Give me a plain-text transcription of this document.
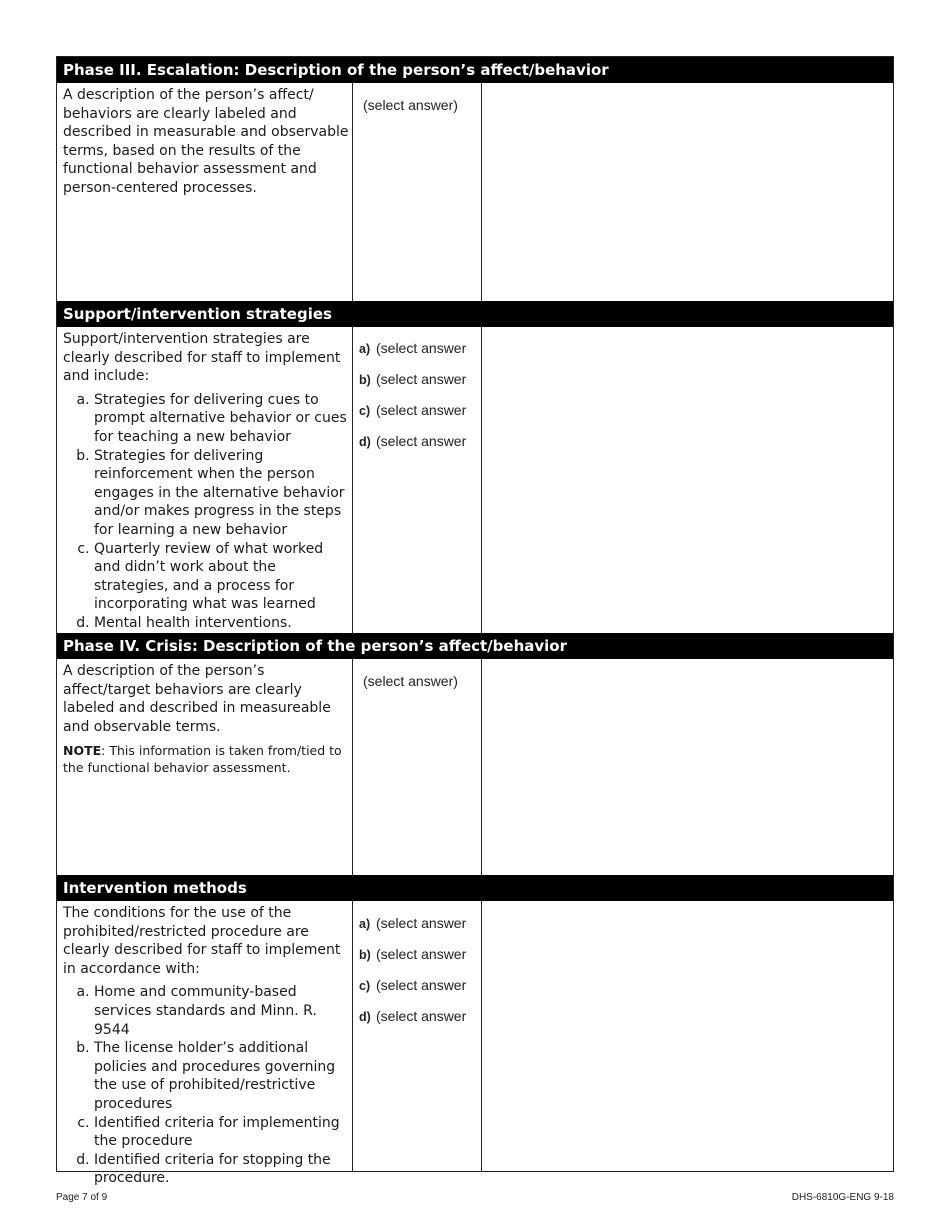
Phase III. Escalation: Description of the person’s affect/behavior

A description of the person’s affect/ behaviors are clearly labeled and described in measurable and observable terms, based on the results of the functional behavior assessment and person-centered processes.

(select answer)
Support/intervention strategies

Support/intervention strategies are clearly described for staff to implement and include:

a. Strategies for delivering cues to prompt alternative behavior or cues for teaching a new behavior
b. Strategies for delivering reinforcement when the person engages in the alternative behavior and/or makes progress in the steps for learning a new behavior
c. Quarterly review of what worked and didn’t work about the strategies, and a process for incorporating what was learned
d. Mental health interventions.
a) (select answer
b) (select answer
c) (select answer
d) (select answer
Phase IV. Crisis: Description of the person’s affect/behavior

A description of the person’s affect/target behaviors are clearly labeled and described in measureable and observable terms.

NOTE: This information is taken from/tied to the functional behavior assessment.

(select answer)
Intervention methods

The conditions for the use of the prohibited/restricted procedure are clearly described for staff to implement in accordance with:

a. Home and community-based services standards and Minn. R. 9544
b. The license holder’s additional policies and procedures governing the use of prohibited/restrictive procedures
c. Identified criteria for implementing the procedure
d. Identified criteria for stopping the procedure.
a) (select answer
b) (select answer
c) (select answer
d) (select answer
Page 7 of 9	DHS-6810G-ENG 9-18
